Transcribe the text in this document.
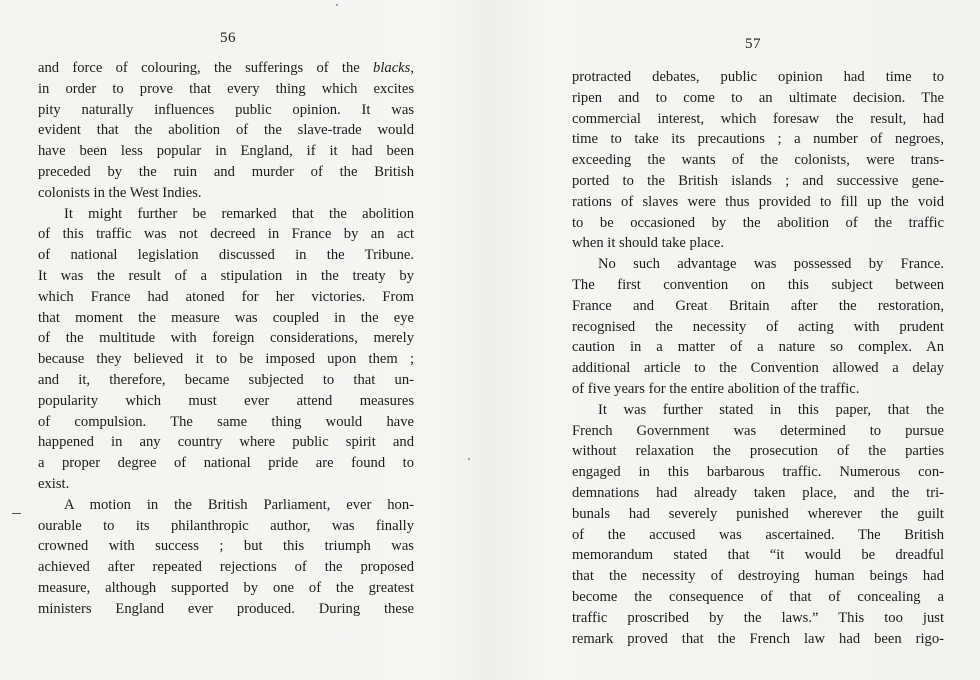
56
and force of colouring, the sufferings of the blacks,
in order to prove that every thing which excites
pity naturally influences public opinion. It was
evident that the abolition of the slave-trade would
have been less popular in England, if it had been
preceded by the ruin and murder of the British
colonists in the West Indies.
It might further be remarked that the abolition
of this traffic was not decreed in France by an act
of national legislation discussed in the Tribune.
It was the result of a stipulation in the treaty by
which France had atoned for her victories. From
that moment the measure was coupled in the eye
of the multitude with foreign considerations, merely
because they believed it to be imposed upon them ;
and it, therefore, became subjected to that un-
popularity which must ever attend measures
of compulsion. The same thing would have
happened in any country where public spirit and
a proper degree of national pride are found to
exist.
A motion in the British Parliament, ever hon-
ourable to its philanthropic author, was finally
crowned with success ; but this triumph was
achieved after repeated rejections of the proposed
measure, although supported by one of the greatest
ministers England ever produced. During these
57
protracted debates, public opinion had time to
ripen and to come to an ultimate decision. The
commercial interest, which foresaw the result, had
time to take its precautions ; a number of negroes,
exceeding the wants of the colonists, were trans-
ported to the British islands ; and successive gene-
rations of slaves were thus provided to fill up the void
to be occasioned by the abolition of the traffic
when it should take place.
No such advantage was possessed by France.
The first convention on this subject between
France and Great Britain after the restoration,
recognised the necessity of acting with prudent
caution in a matter of a nature so complex. An
additional article to the Convention allowed a delay
of five years for the entire abolition of the traffic.
It was further stated in this paper, that the
French Government was determined to pursue
without relaxation the prosecution of the parties
engaged in this barbarous traffic. Numerous con-
demnations had already taken place, and the tri-
bunals had severely punished wherever the guilt
of the accused was ascertained. The British
memorandum stated that “it would be dreadful
that the necessity of destroying human beings had
become the consequence of that of concealing a
traffic proscribed by the laws.” This too just
remark proved that the French law had been rigo-
